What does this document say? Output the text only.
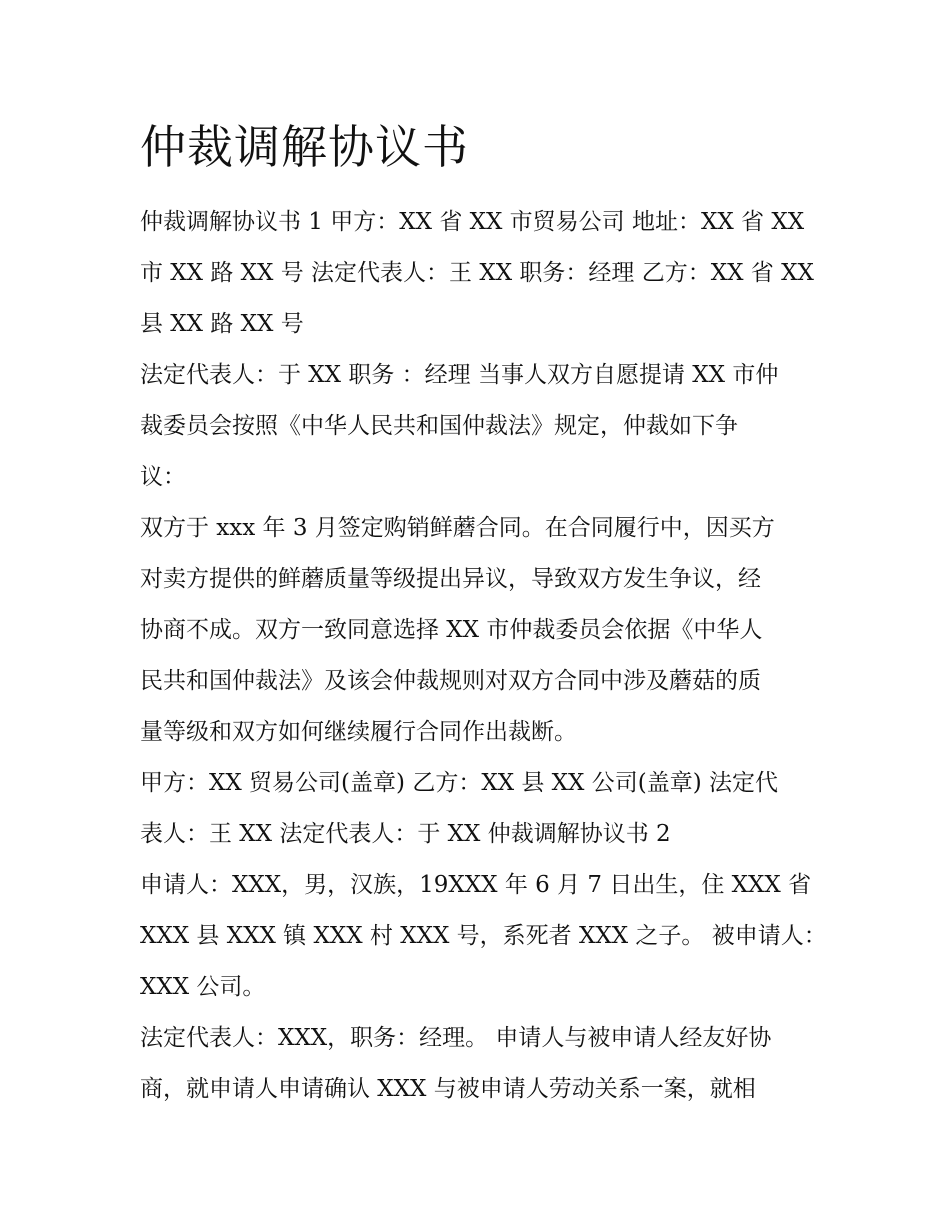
仲裁调解协议书

仲裁调解协议书 1 甲方：XX 省 XX 市贸易公司 地址：XX 省 XX

市 XX 路 XX 号 法定代表人：王 XX 职务：经理 乙方：XX 省 XX

县 XX 路 XX 号

法定代表人：于 XX 职务 ：经理 当事人双方自愿提请 XX 市仲

裁委员会按照《中华人民共和国仲裁法》规定，仲裁如下争

议：

双方于 xxx 年 3 月签定购销鲜蘑合同。在合同履行中，因买方

对卖方提供的鲜蘑质量等级提出异议，导致双方发生争议，经

协商不成。双方一致同意选择 XX 市仲裁委员会依据《中华人

民共和国仲裁法》及该会仲裁规则对双方合同中涉及蘑菇的质

量等级和双方如何继续履行合同作出裁断。

甲方：XX 贸易公司(盖章) 乙方：XX 县 XX 公司(盖章) 法定代

表人：王 XX 法定代表人：于 XX 仲裁调解协议书 2

申请人：XXX，男，汉族，19XXX 年 6 月 7 日出生，住 XXX 省

XXX 县 XXX 镇 XXX 村 XXX 号，系死者 XXX 之子。 被申请人：

XXX 公司。

法定代表人：XXX，职务：经理。 申请人与被申请人经友好协

商，就申请人申请确认 XXX 与被申请人劳动关系一案，就相
